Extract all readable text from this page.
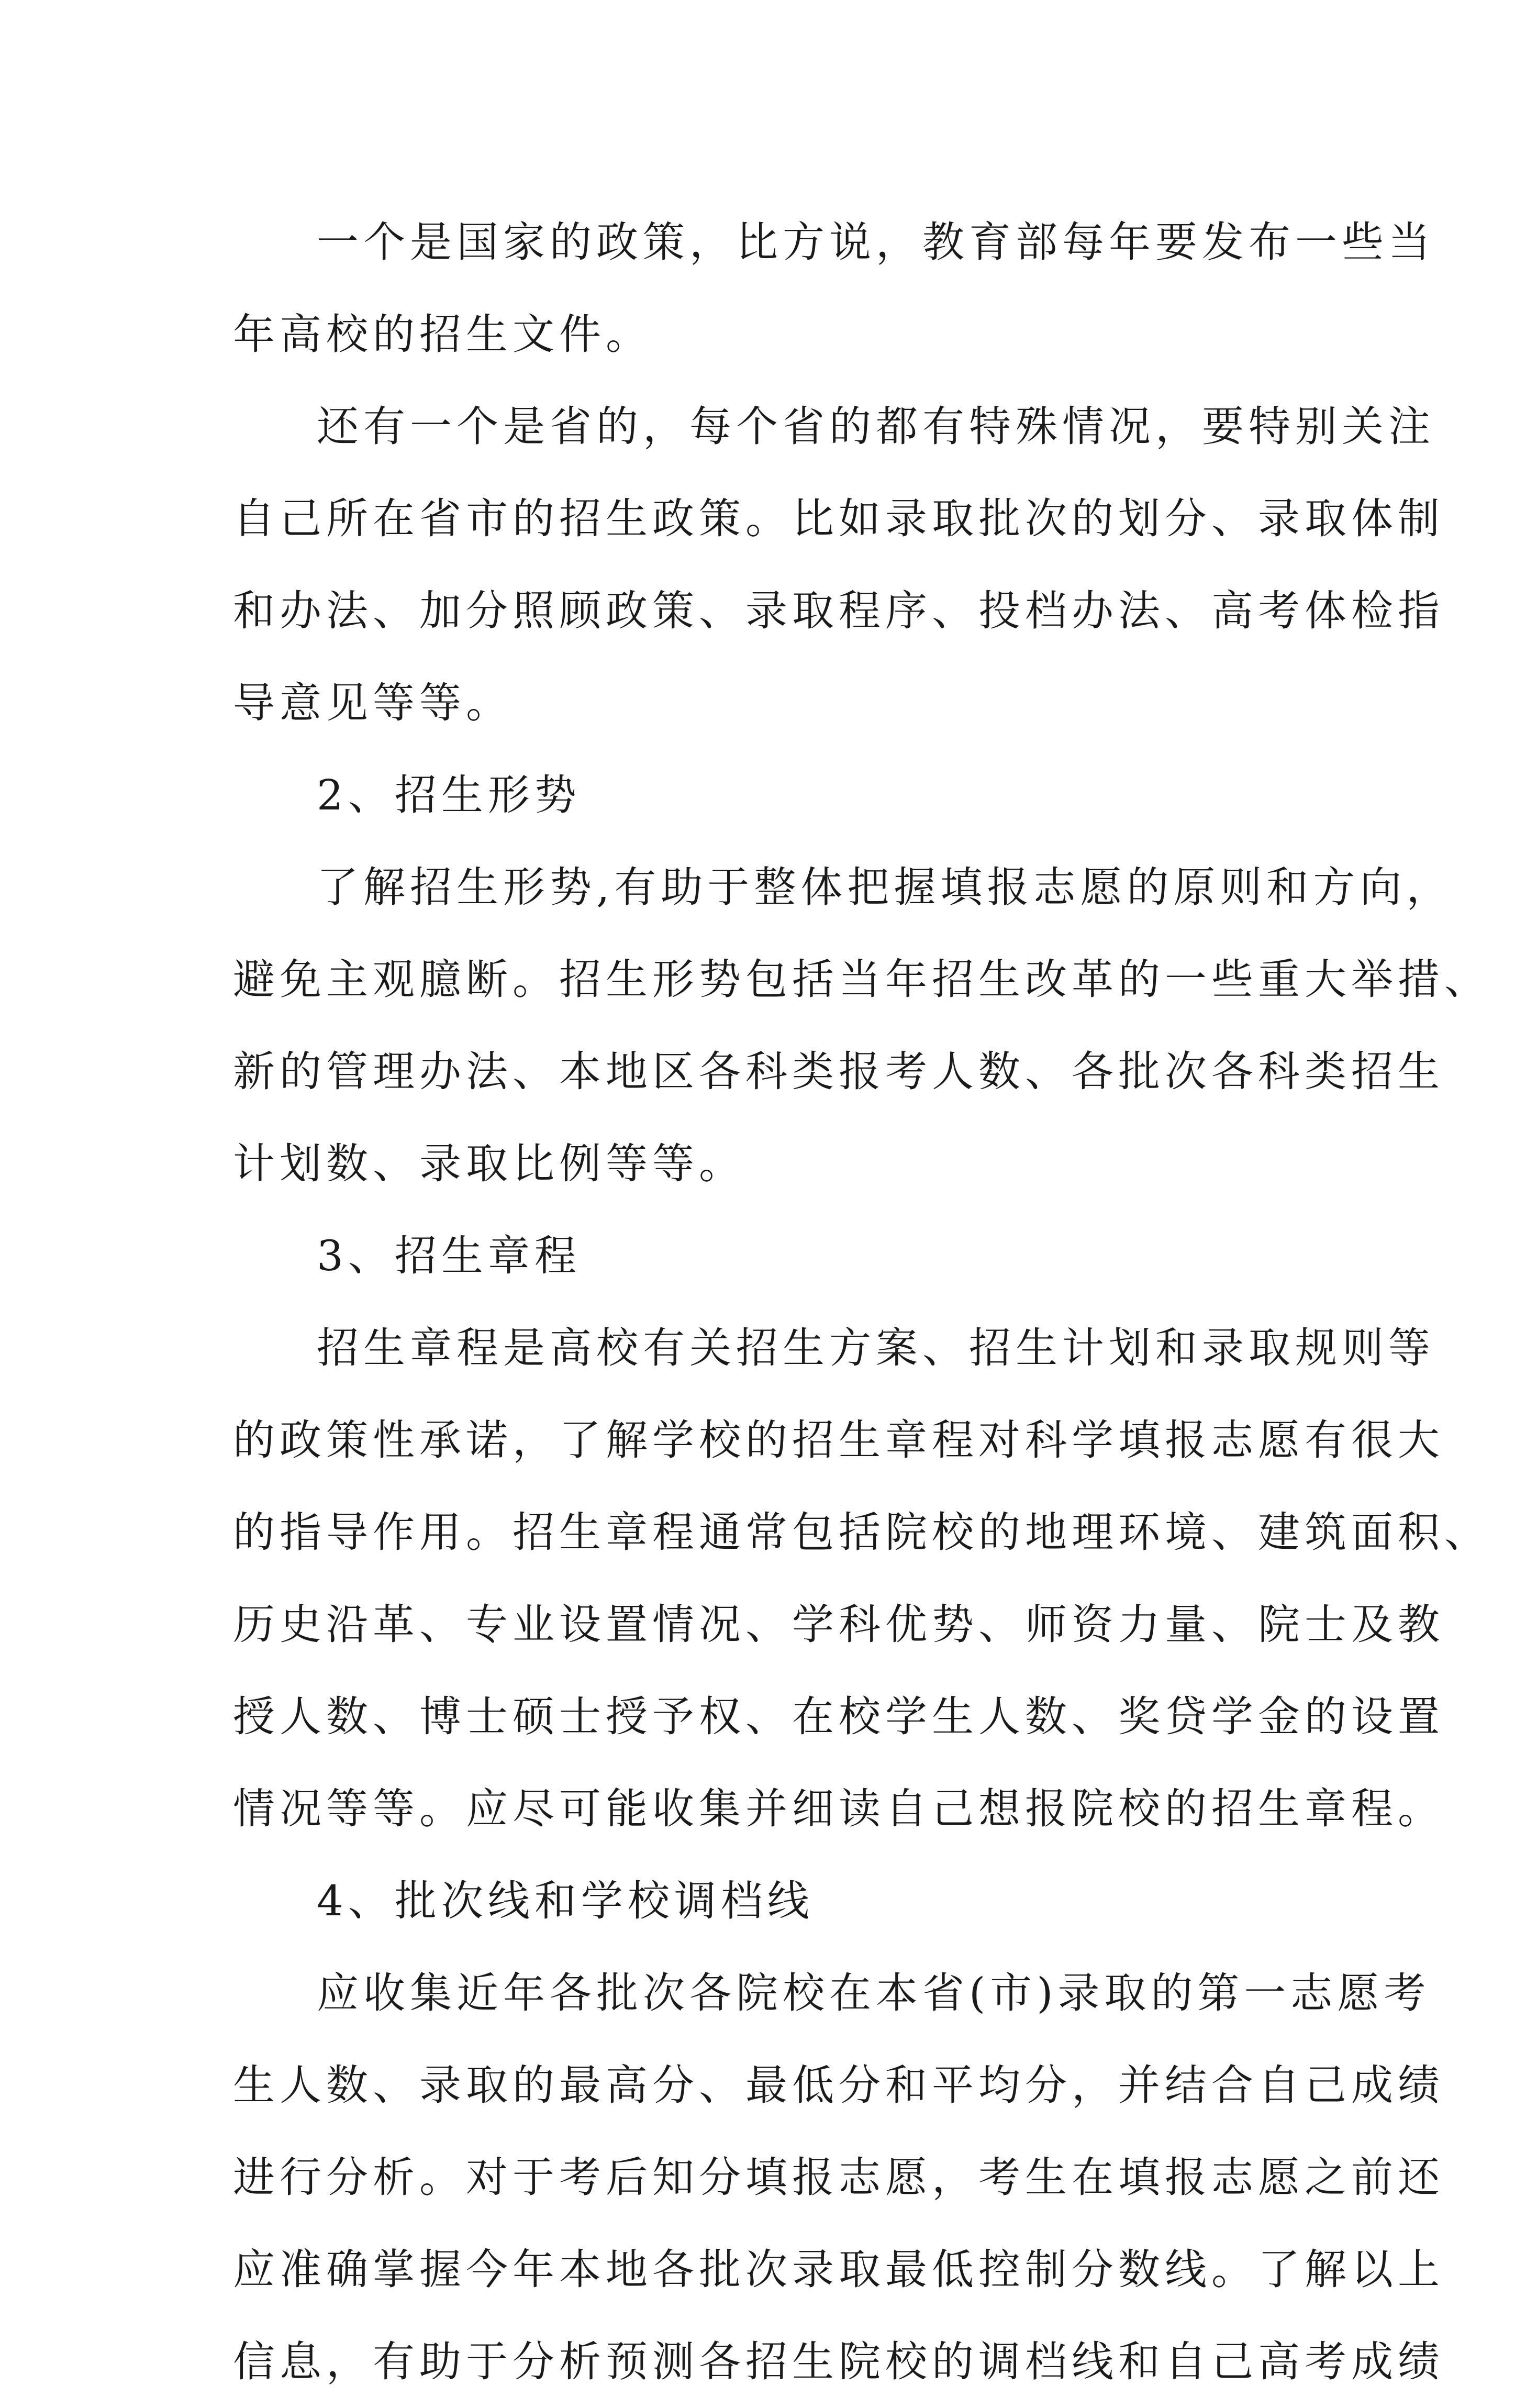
一个是国家的政策，比方说，教育部每年要发布一些当
年高校的招生文件。

还有一个是省的，每个省的都有特殊情况，要特别关注
自己所在省市的招生政策。比如录取批次的划分、录取体制
和办法、加分照顾政策、录取程序、投档办法、高考体检指
导意见等等。

2、招生形势

了解招生形势,有助于整体把握填报志愿的原则和方向，
避免主观臆断。招生形势包括当年招生改革的一些重大举措、
新的管理办法、本地区各科类报考人数、各批次各科类招生
计划数、录取比例等等。

3、招生章程

招生章程是高校有关招生方案、招生计划和录取规则等
的政策性承诺，了解学校的招生章程对科学填报志愿有很大
的指导作用。招生章程通常包括院校的地理环境、建筑面积、
历史沿革、专业设置情况、学科优势、师资力量、院士及教
授人数、博士硕士授予权、在校学生人数、奖贷学金的设置
情况等等。应尽可能收集并细读自己想报院校的招生章程。

4、批次线和学校调档线

应收集近年各批次各院校在本省(市)录取的第一志愿考
生人数、录取的最高分、最低分和平均分，并结合自己成绩
进行分析。对于考后知分填报志愿，考生在填报志愿之前还
应准确掌握今年本地各批次录取最低控制分数线。了解以上
信息，有助于分析预测各招生院校的调档线和自己高考成绩
